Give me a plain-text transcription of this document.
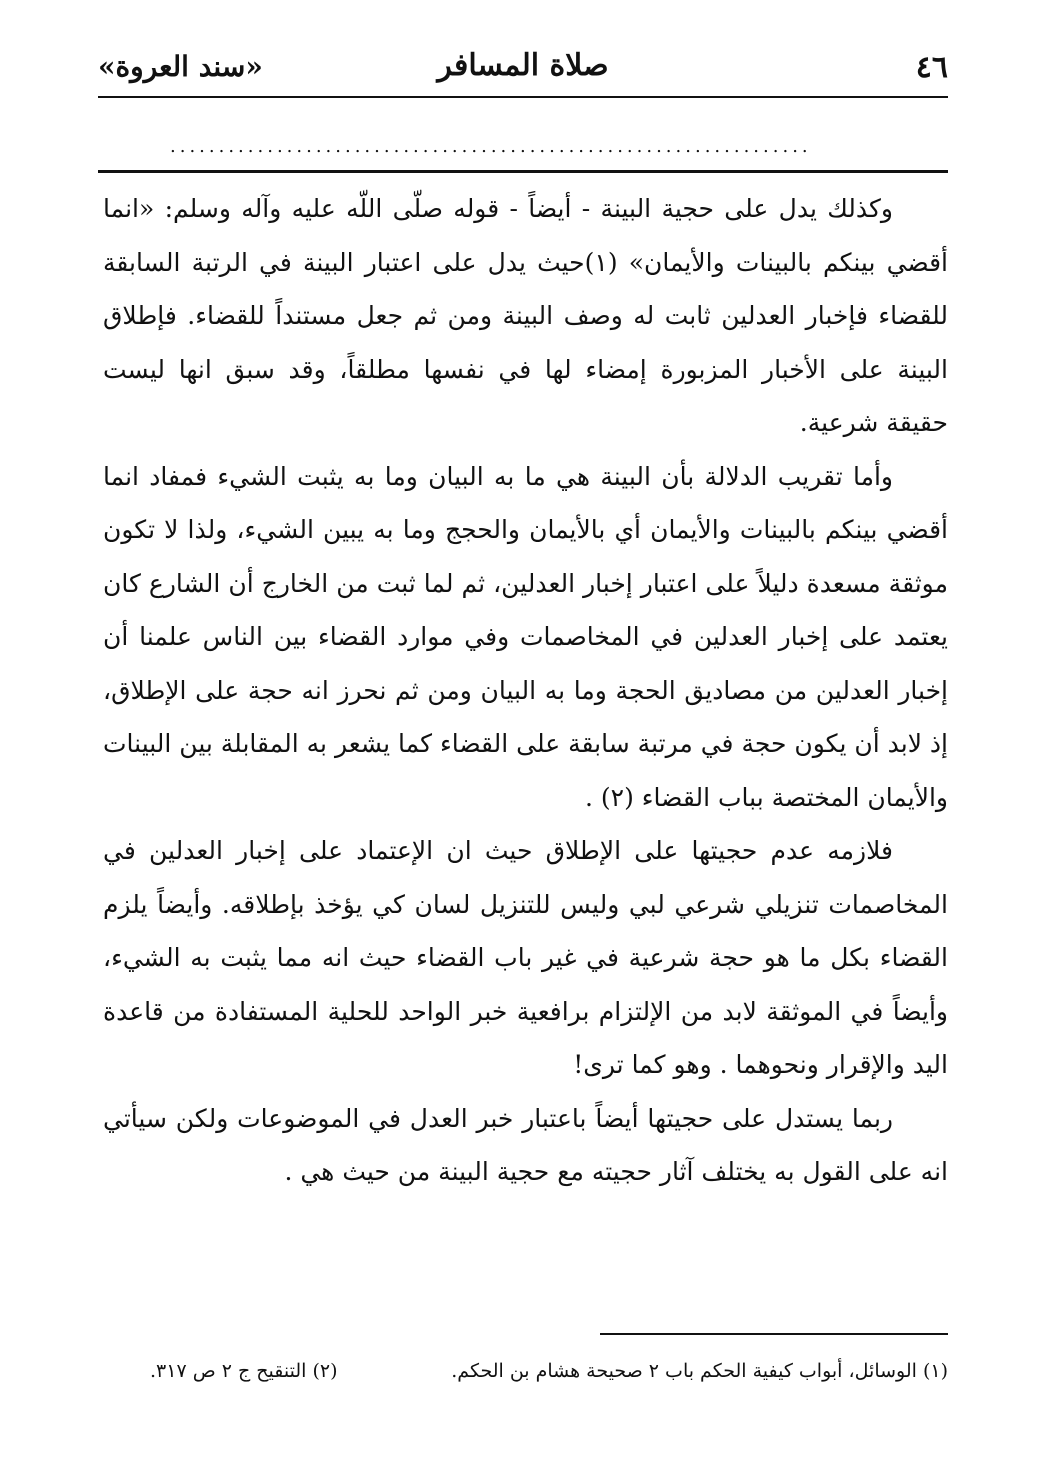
٤٦
صلاة المسافر
«سند العروة»
..................................................................

وكذلك يدل على حجية البينة - أيضاً - قوله صلّى اللّه عليه وآله وسلم: «انما أقضي بينكم بالبينات والأيمان» (١)حيث يدل على اعتبار البينة في الرتبة السابقة للقضاء فإخبار العدلين ثابت له وصف البينة ومن ثم جعل مستنداً للقضاء. فإطلاق البينة على الأخبار المزبورة إمضاء لها في نفسها مطلقاً، وقد سبق انها ليست حقيقة شرعية.

وأما تقريب الدلالة بأن البينة هي ما به البيان وما به يثبت الشيء فمفاد انما أقضي بينكم بالبينات والأيمان أي بالأيمان والحجج وما به يبين الشيء، ولذا لا تكون موثقة مسعدة دليلاً على اعتبار إخبار العدلين، ثم لما ثبت من الخارج أن الشارع كان يعتمد على إخبار العدلين في المخاصمات وفي موارد القضاء بين الناس علمنا أن إخبار العدلين من مصاديق الحجة وما به البيان ومن ثم نحرز انه حجة على الإطلاق، إذ لابد أن يكون حجة في مرتبة سابقة على القضاء كما يشعر به المقابلة بين البينات والأيمان المختصة بباب القضاء (٢) .

فلازمه عدم حجيتها على الإطلاق حيث ان الإعتماد على إخبار العدلين في المخاصمات تنزيلي شرعي لبي وليس للتنزيل لسان كي يؤخذ بإطلاقه. وأيضاً يلزم القضاء بكل ما هو حجة شرعية في غير باب القضاء حيث انه مما يثبت به الشيء، وأيضاً في الموثقة لابد من الإلتزام برافعية خبر الواحد للحلية المستفادة من قاعدة اليد والإقرار ونحوهما . وهو كما ترى!

ربما يستدل على حجيتها أيضاً باعتبار خبر العدل في الموضوعات ولكن سيأتي انه على القول به يختلف آثار حجيته مع حجية البينة من حيث هي .

(١) الوسائل، أبواب كيفية الحكم باب ٢ صحيحة هشام بن الحكم.
(٢) التنقيح ج ٢ ص ٣١٧.
